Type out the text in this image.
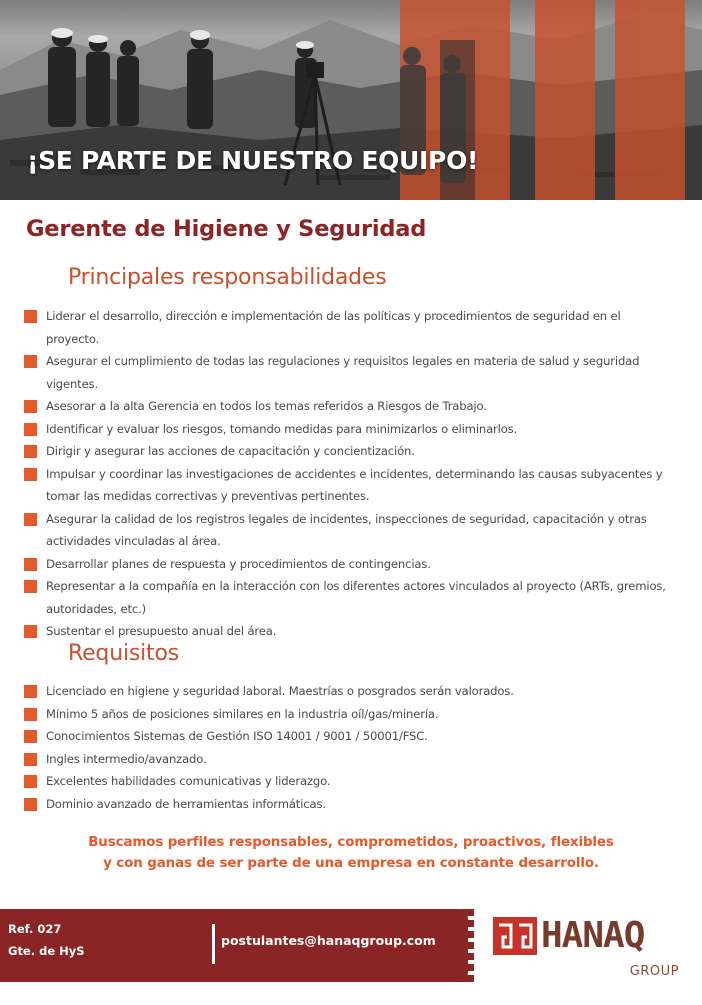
¡SE PARTE DE NUESTRO EQUIPO!
Gerente de Higiene y Seguridad
Principales responsabilidades
Liderar el desarrollo, dirección e implementación de las políticas y procedimientos de seguridad en el proyecto.
Asegurar el cumplimiento de todas las regulaciones y requisitos legales en materia de salud y seguridad vigentes.
Asesorar a la alta Gerencia en todos los temas referidos a Riesgos de Trabajo.
Identificar y evaluar los riesgos, tomando medidas para minimizarlos o eliminarlos.
Dirigir y asegurar las acciones de capacitación y concientización.
Impulsar y coordinar las investigaciones de accidentes e incidentes, determinando las causas subyacentes y tomar las medidas correctivas y preventivas pertinentes.
Asegurar la calidad de los registros legales de incidentes, inspecciones de seguridad, capacitación y otras actividades vinculadas al área.
Desarrollar planes de respuesta y procedimientos de contingencias.
Representar a la compañía en la interacción con los diferentes actores vinculados al proyecto (ARTs, gremios, autoridades, etc.)
Sustentar el presupuesto anual del área.
Requisitos
Licenciado en higiene y seguridad laboral. Maestrías o posgrados serán valorados.
Mínimo 5 años de posiciones similares en la industria oíl/gas/minería.
Conocimientos Sistemas de Gestión ISO 14001 / 9001 / 50001/FSC.
Ingles intermedio/avanzado.
Excelentes habilidades comunicativas y liderazgo.
Dominio avanzado de herramientas informáticas.
Buscamos perfiles responsables, comprometidos, proactivos, flexibles
y con ganas de ser parte de una empresa en constante desarrollo.
Ref. 027
Gte. de HyS
postulantes@hanaqgroup.com	HANAQ
GROUP
